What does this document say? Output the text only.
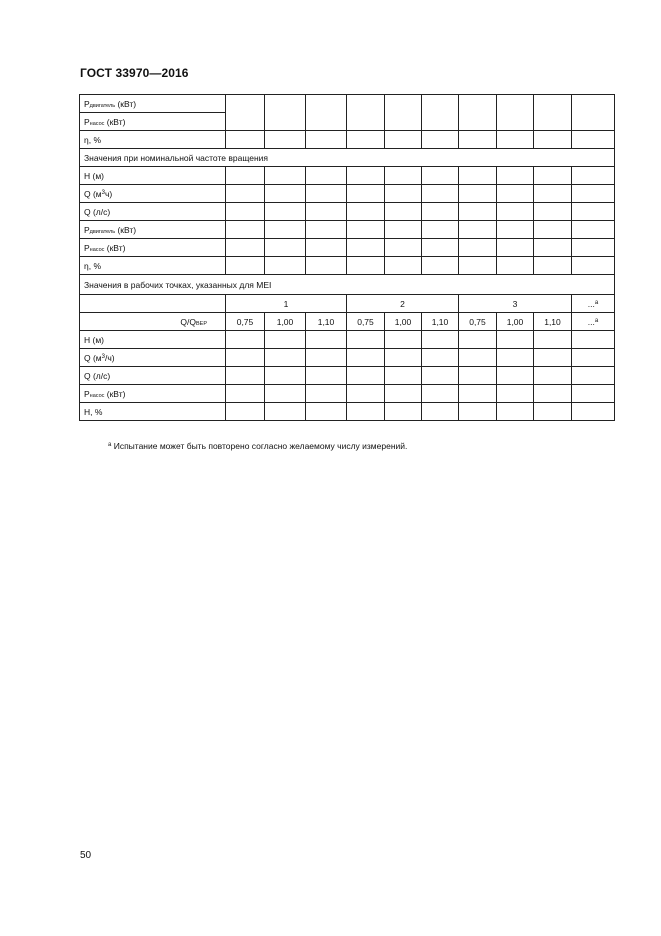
ГОСТ 33970—2016
Pдвигатель (кВт)										
Pнасос (кВт)										
η, %										
Значения при номинальной частоте вращения										
H (м)										
Q $(м^3ч)$										
Q (л/с)										
Pдвигатель (кВт)										
Pнасос (кВт)										
η, %										
Значения в рабочих точках, указанных для MEI										
	1			2			3			...$^a$
Q/QBEP	0,75	1,00	1,10	0,75	1,00	1,10	0,75	1,00	1,10	...$^a$
H (м)										
Q $(м^3/ч)$										
Q (л/с)										
Pнасос (кВт)										
Н, %										
$^a$ Испытание может быть повторено согласно желаемому числу измерений.
50
